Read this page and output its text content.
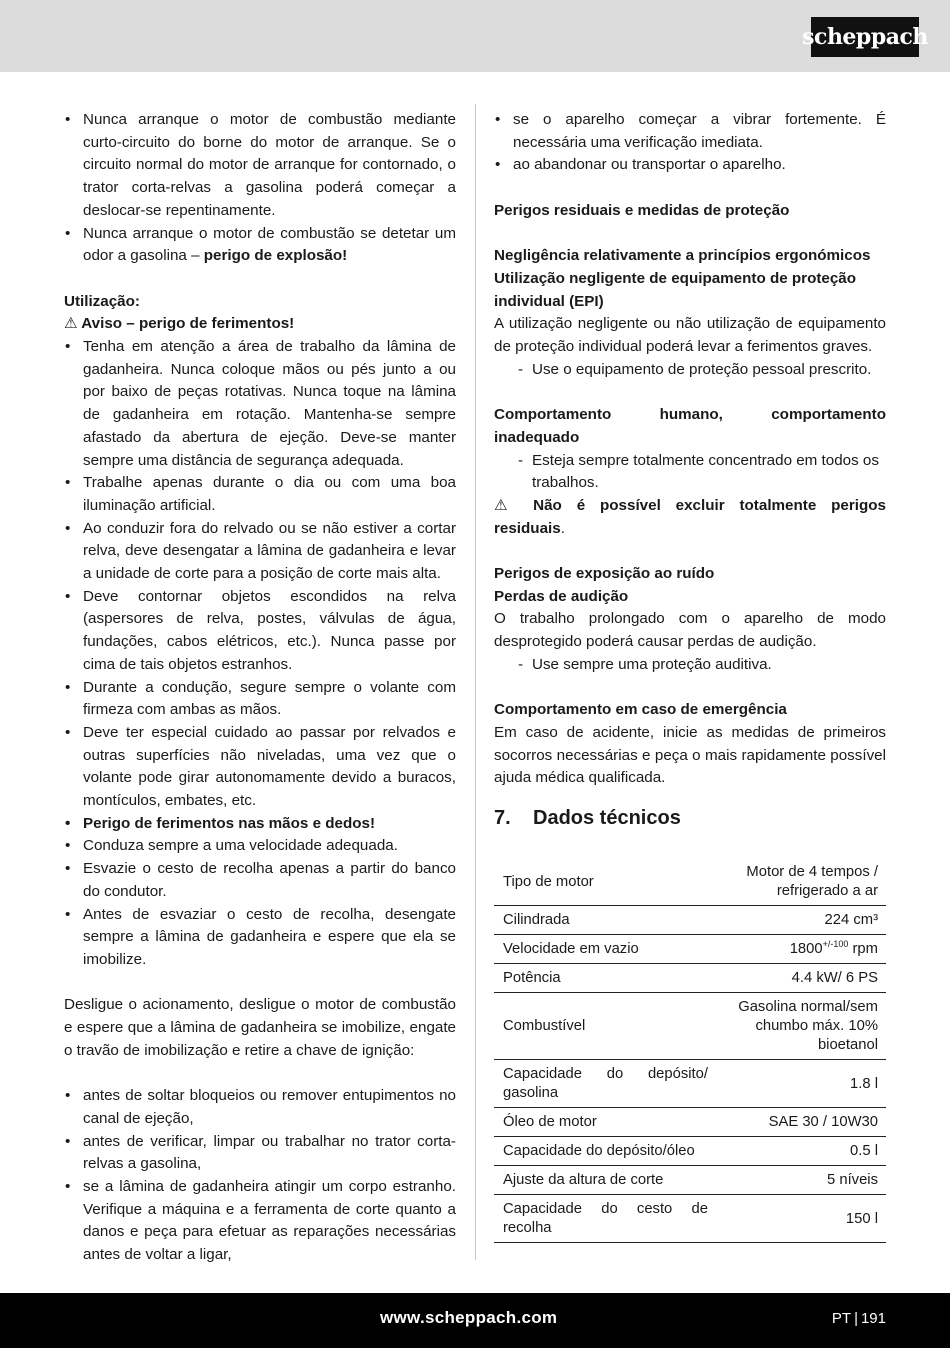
scheppach
• Nunca arranque o motor de combustão mediante curto-circuito do borne do motor de arranque. Se o circuito normal do motor de arranque for contornado, o trator corta-relvas a gasolina poderá começar a deslocar-se repentinamente.
• Nunca arranque o motor de combustão se detetar um odor a gasolina – perigo de explosão!
Utilização:
⚠ Aviso – perigo de ferimentos!
• Tenha em atenção a área de trabalho da lâmina de gadanheira. Nunca coloque mãos ou pés junto a ou por baixo de peças rotativas. Nunca toque na lâmina de gadanheira em rotação. Mantenha-se sempre afastado da abertura de ejeção. Deve-se manter sempre uma distância de segurança adequada.
• Trabalhe apenas durante o dia ou com uma boa iluminação artificial.
• Ao conduzir fora do relvado ou se não estiver a cortar relva, deve desengatar a lâmina de gadanheira e levar a unidade de corte para a posição de corte mais alta.
• Deve contornar objetos escondidos na relva (aspersores de relva, postes, válvulas de água, fundações, cabos elétricos, etc.). Nunca passe por cima de tais objetos estranhos.
• Durante a condução, segure sempre o volante com firmeza com ambas as mãos.
• Deve ter especial cuidado ao passar por relvados e outras superfícies não niveladas, uma vez que o volante pode girar autonomamente devido a buracos, montículos, embates, etc.
• Perigo de ferimentos nas mãos e dedos!
• Conduza sempre a uma velocidade adequada.
• Esvazie o cesto de recolha apenas a partir do banco do condutor.
• Antes de esvaziar o cesto de recolha, desengate sempre a lâmina de gadanheira e espere que ela se imobilize.

Desligue o acionamento, desligue o motor de combustão e espere que a lâmina de gadanheira se imobilize, engate o travão de imobilização e retire a chave de ignição:

• antes de soltar bloqueios ou remover entupimentos no canal de ejeção,
• antes de verificar, limpar ou trabalhar no trator corta-relvas a gasolina,
• se a lâmina de gadanheira atingir um corpo estranho. Verifique a máquina e a ferramenta de corte quanto a danos e peça para efetuar as reparações necessárias antes de voltar a ligar,
• se o aparelho começar a vibrar fortemente. É necessária uma verificação imediata.
• ao abandonar ou transportar o aparelho.
Perigos residuais e medidas de proteção
Negligência relativamente a princípios ergonómicos
Utilização negligente de equipamento de proteção individual (EPI)

A utilização negligente ou não utilização de equipamento de proteção individual poderá levar a ferimentos graves.

- Use o equipamento de proteção pessoal prescrito.
Comportamento humano, comportamento inadequado
- Esteja sempre totalmente concentrado em todos os trabalhos.
⚠ Não é possível excluir totalmente perigos residuais.
Perigos de exposição ao ruído
Perdas de audição

O trabalho prolongado com o aparelho de modo desprotegido poderá causar perdas de audição.

- Use sempre uma proteção auditiva.
Comportamento em caso de emergência

Em caso de acidente, inicie as medidas de primeiros socorros necessárias e peça o mais rapidamente possível ajuda médica qualificada.

7. Dados técnicos
Tipo de motor	Motor de 4 tempos / refrigerado a ar
Cilindrada	224 cm³
Velocidade em vazio	$1800^{+/-100}$ rpm
Potência	4.4 kW/ 6 PS
Combustível	Gasolina normal/sem chumbo máx. 10% bioetanol
Capacidade do depósito/ gasolina	1.8 l
Óleo de motor	SAE 30 / 10W30
Capacidade do depósito/óleo	0.5 l
Ajuste da altura de corte	5 níveis
Capacidade do cesto de recolha	150 l
www.scheppach.com	PT | 191
